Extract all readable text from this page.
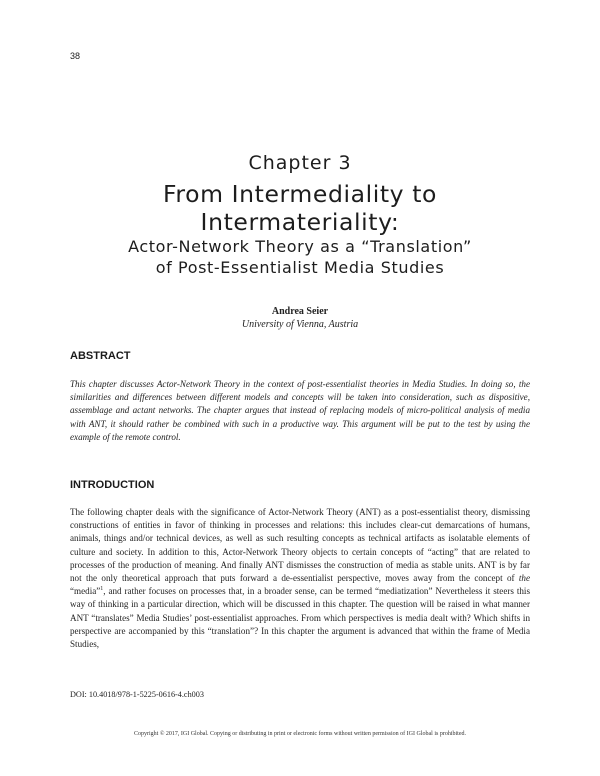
38
Chapter 3
From Intermediality to
Intermateriality:
Actor-Network Theory as a “Translation”
of Post-Essentialist Media Studies
Andrea Seier
University of Vienna, Austria
ABSTRACT
This chapter discusses Actor-Network Theory in the context of post-essentialist theories in Media Studies. In doing so, the similarities and differences between different models and concepts will be taken into consideration, such as dispositive, assemblage and actant networks. The chapter argues that instead of replacing models of micro-political analysis of media with ANT, it should rather be combined with such in a productive way. This argument will be put to the test by using the example of the remote control.
INTRODUCTION
The following chapter deals with the significance of Actor-Network Theory (ANT) as a post-essentialist theory, dismissing constructions of entities in favor of thinking in processes and relations: this includes clear-cut demarcations of humans, animals, things and/or technical devices, as well as such resulting concepts as technical artifacts as isolatable elements of culture and society. In addition to this, Actor-Network Theory objects to certain concepts of “acting” that are related to processes of the production of meaning. And finally ANT dismisses the construction of media as stable units. ANT is by far not the only theoretical approach that puts forward a de-essentialist perspective, moves away from the concept of the “media”$^1$, and rather focuses on processes that, in a broader sense, can be termed “mediatization” Nevertheless it steers this way of thinking in a particular direction, which will be discussed in this chapter. The question will be raised in what manner ANT “translates” Media Studies’ post-essentialist approaches. From which perspectives is media dealt with? Which shifts in perspective are accompanied by this “translation”? In this chapter the argument is advanced that within the frame of Media Studies,
DOI: 10.4018/978-1-5225-0616-4.ch003
Copyright © 2017, IGI Global. Copying or distributing in print or electronic forms without written permission of IGI Global is prohibited.
